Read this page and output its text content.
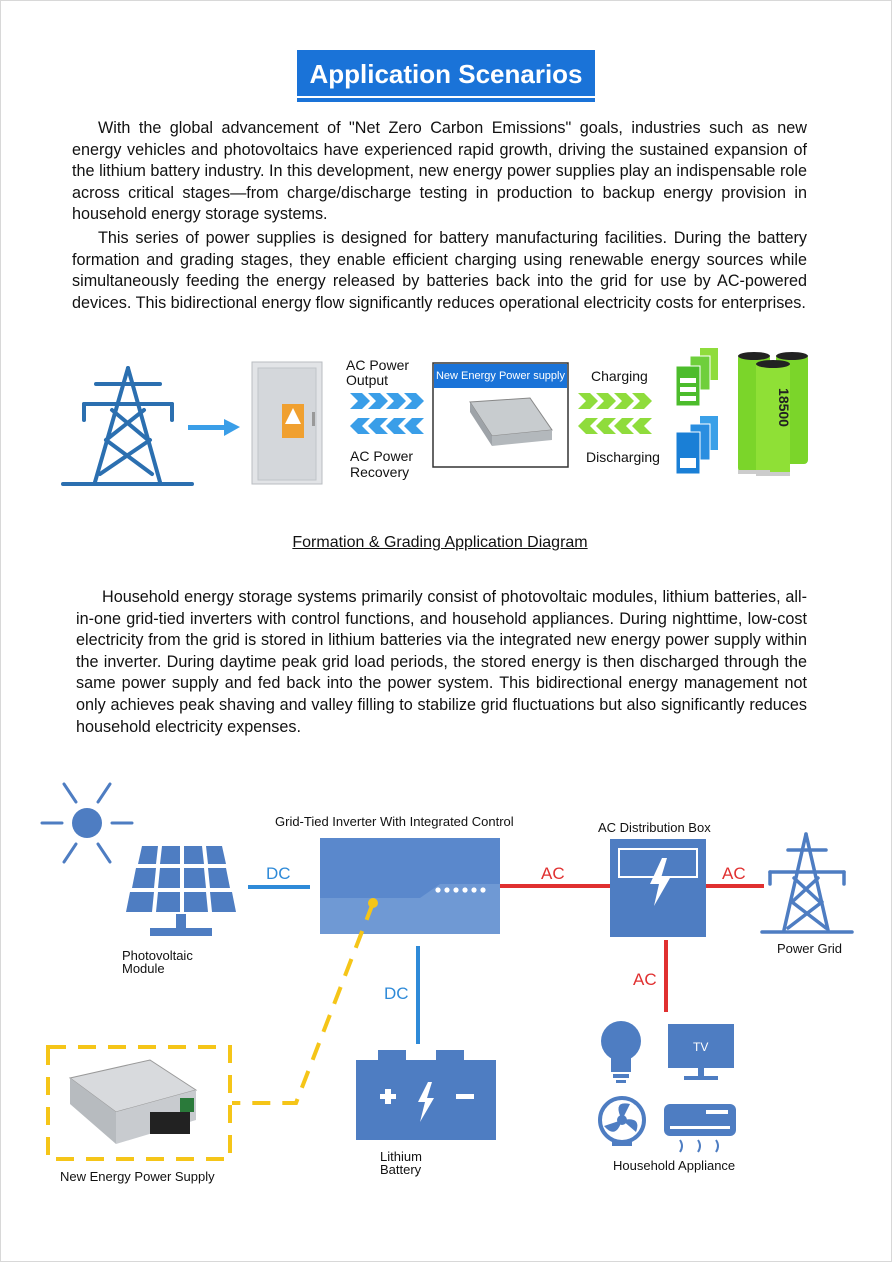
Application Scenarios

With the global advancement of "Net Zero Carbon Emissions" goals, industries such as new energy vehicles and photovoltaics have experienced rapid growth, driving the sustained expansion of the lithium battery industry. In this development, new energy power supplies play an indispensable role across critical stages—from charge/discharge testing in production to backup energy provision in household energy storage systems.

This series of power supplies is designed for battery manufacturing facilities. During the battery formation and grading stages, they enable efficient charging using renewable energy sources while simultaneously feeding the energy released by batteries back into the grid for use by AC-powered devices. This bidirectional energy flow significantly reduces operational electricity costs for enterprises.

AC Power
Output
AC Power
Recovery
New Energy Power supply Charging
Discharging
18500
Formation & Grading Application Diagram

Household energy storage systems primarily consist of photovoltaic modules, lithium batteries, all-in-one grid-tied inverters with control functions, and household appliances. During nighttime, low-cost electricity from the grid is stored in lithium batteries via the integrated new energy power supply within the inverter. During daytime peak grid load periods, the stored energy is then discharged through the same power supply and fed back into the power system. This bidirectional energy management not only achieves peak shaving and valley filling to stabilize grid fluctuations but also significantly reduces household electricity expenses.

Grid-Tied Inverter With Integrated Control	AC Distribution Box
Photovoltaic
Module
Power Grid
Lithium
Battery
New Energy Power Supply
Household Appliance
TV
DC
DC
AC	AC
AC
